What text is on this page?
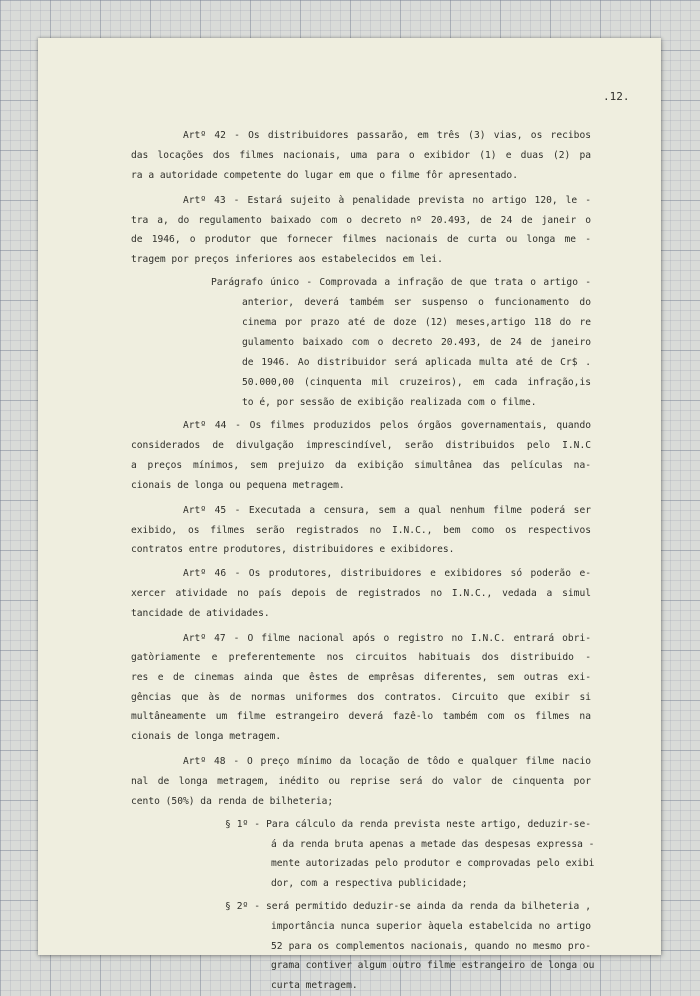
.12.
Artº 42 - Os distribuidores passarão, em três (3) vias, os recibos
das locações dos filmes nacionais, uma para o exibidor (1) e duas (2) pa
ra a autoridade competente do lugar em que o filme fôr apresentado.
Artº 43 - Estará sujeito à penalidade prevista no artigo 120, le -
tra a, do regulamento baixado com o decreto nº 20.493, de 24 de janeir o
de 1946, o produtor que fornecer filmes nacionais de curta ou longa me -
tragem por preços inferiores aos estabelecidos em lei.
Parágrafo único - Comprovada a infração de que trata o artigo -
anterior, deverá também ser suspenso o funcionamento do
cinema por prazo até de doze (12) meses,artigo 118 do re
gulamento baixado com o decreto 20.493, de 24 de janeiro
de 1946. Ao distribuidor será aplicada multa até de Cr$ .
50.000,00 (cinquenta mil cruzeiros), em cada infração,is
to é, por sessão de exibição realizada com o filme.
Artº 44 - Os filmes produzidos pelos órgãos governamentais, quando
considerados de divulgação imprescindível, serão distribuidos pelo I.N.C
a preços mínimos, sem prejuizo da exibição simultânea das películas na-
cionais de longa ou pequena metragem.
Artº 45 - Executada a censura, sem a qual nenhum filme poderá ser
exibido, os filmes serão registrados no I.N.C., bem como os respectivos
contratos entre produtores, distribuidores e exibidores.
Artº 46 - Os produtores, distribuidores e exibidores só poderão e-
xercer atividade no país depois de registrados no I.N.C., vedada a simul
tancidade de atividades.
Artº 47 - O filme nacional após o registro no I.N.C. entrará obri-
gatòriamente e preferentemente nos circuitos habituais dos distribuido -
res e de cinemas ainda que êstes de emprêsas diferentes, sem outras exi-
gências que às de normas uniformes dos contratos. Circuito que exibir si
multâneamente um filme estrangeiro deverá fazê-lo também com os filmes na
cionais de longa metragem.
Artº 48 - O preço mínimo da locação de tôdo e qualquer filme nacio
nal de longa metragem, inédito ou reprise será do valor de cinquenta por
cento (50%) da renda de bilheteria;
§ 1º - Para cálculo da renda prevista neste artigo, deduzir-se-
á da renda bruta apenas a metade das despesas expressa -
mente autorizadas pelo produtor e comprovadas pelo exibi
dor, com a respectiva publicidade;
§ 2º - será permitido deduzir-se ainda da renda da bilheteria ,
importância nunca superior àquela estabelcida no artigo
52 para os complementos nacionais, quando no mesmo pro-
grama contiver algum outro filme estrangeiro de longa ou
curta metragem.
